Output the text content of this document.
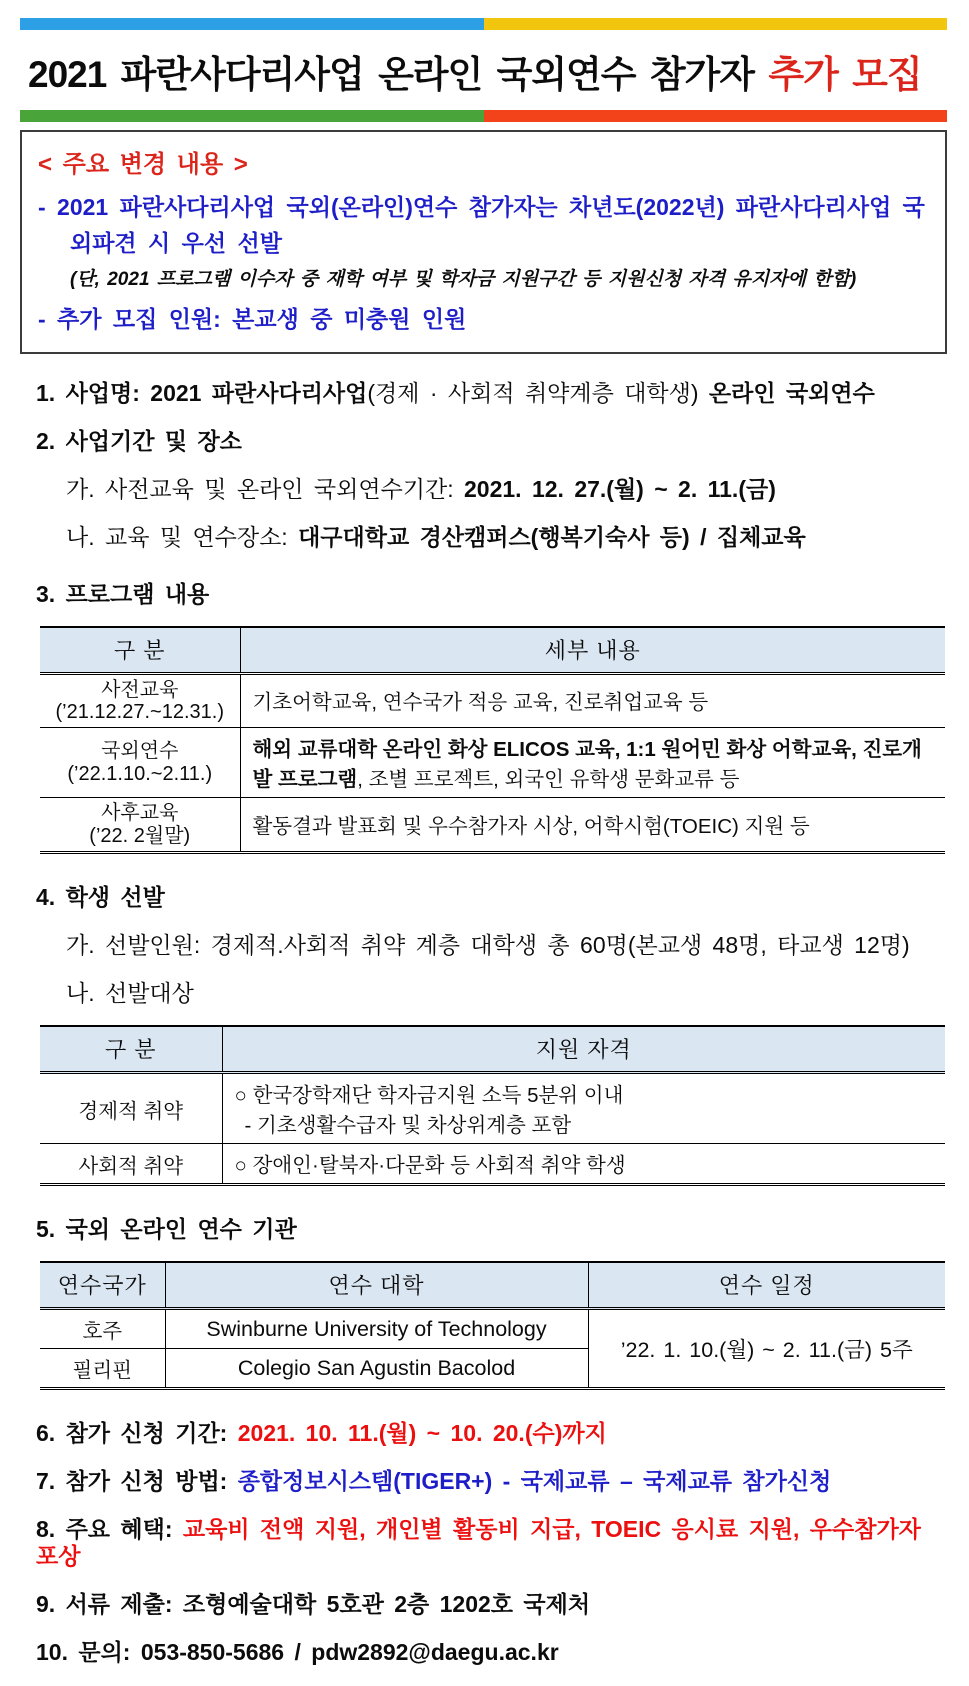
2021 파란사다리사업 온라인 국외연수 참가자 추가 모집
< 주요 변경 내용 >
- 2021 파란사다리사업 국외(온라인)연수 참가자는 차년도(2022년) 파란사다리사업 국외파견 시 우선 선발
(단, 2021 프로그램 이수자 중 재학 여부 및 학자금 지원구간 등 지원신청 자격 유지자에 한함)
- 추가 모집 인원: 본교생 중 미충원 인원
1. 사업명: 2021 파란사다리사업(경제 · 사회적 취약계층 대학생) 온라인 국외연수
2. 사업기간 및 장소
가. 사전교육 및 온라인 국외연수기간: 2021. 12. 27.(월) ~ 2. 11.(금)
나. 교육 및 연수장소: 대구대학교 경산캠퍼스(행복기숙사 등) / 집체교육
3. 프로그램 내용
구 분	세부 내용

사전교육
(’21.12.27.~12.31.)	기초어학교육, 연수국가 적응 교육, 진로취업교육 등

국외연수
(’22.1.10.~2.11.)	해외 교류대학 온라인 화상 ELICOS 교육, 1:1 원어민 화상 어학교육, 진로개발 프로그램, 조별 프로젝트, 외국인 유학생 문화교류 등

사후교육
(’22. 2월말)	활동결과 발표회 및 우수참가자 시상, 어학시험(TOEIC) 지원 등
4. 학생 선발
가. 선발인원: 경제적.사회적 취약 계층 대학생 총 60명(본교생 48명, 타교생 12명)
나. 선발대상
구 분	지원 자격
경제적 취약	○ 한국장학재단 학자금지원 소득 5분위 이내
- 기초생활수급자 및 차상위계층 포함

사회적 취약	○ 장애인·탈북자·다문화 등 사회적 취약 학생
5. 국외 온라인 연수 기관
연수국가	연수 대학	연수 일정
호주	Swinburne University of Technology	’22. 1. 10.(월) ~ 2. 11.(금) 5주
필리핀	Colegio San Agustin Bacolod	
6. 참가 신청 기간: 2021. 10. 11.(월) ~ 10. 20.(수)까지
7. 참가 신청 방법: 종합정보시스템(TIGER+) - 국제교류 – 국제교류 참가신청
8. 주요 혜택: 교육비 전액 지원, 개인별 활동비 지급, TOEIC 응시료 지원, 우수참가자 포상
9. 서류 제출: 조형예술대학 5호관 2층 1202호 국제처
10. 문의: 053-850-5686 / pdw2892@daegu.ac.kr
